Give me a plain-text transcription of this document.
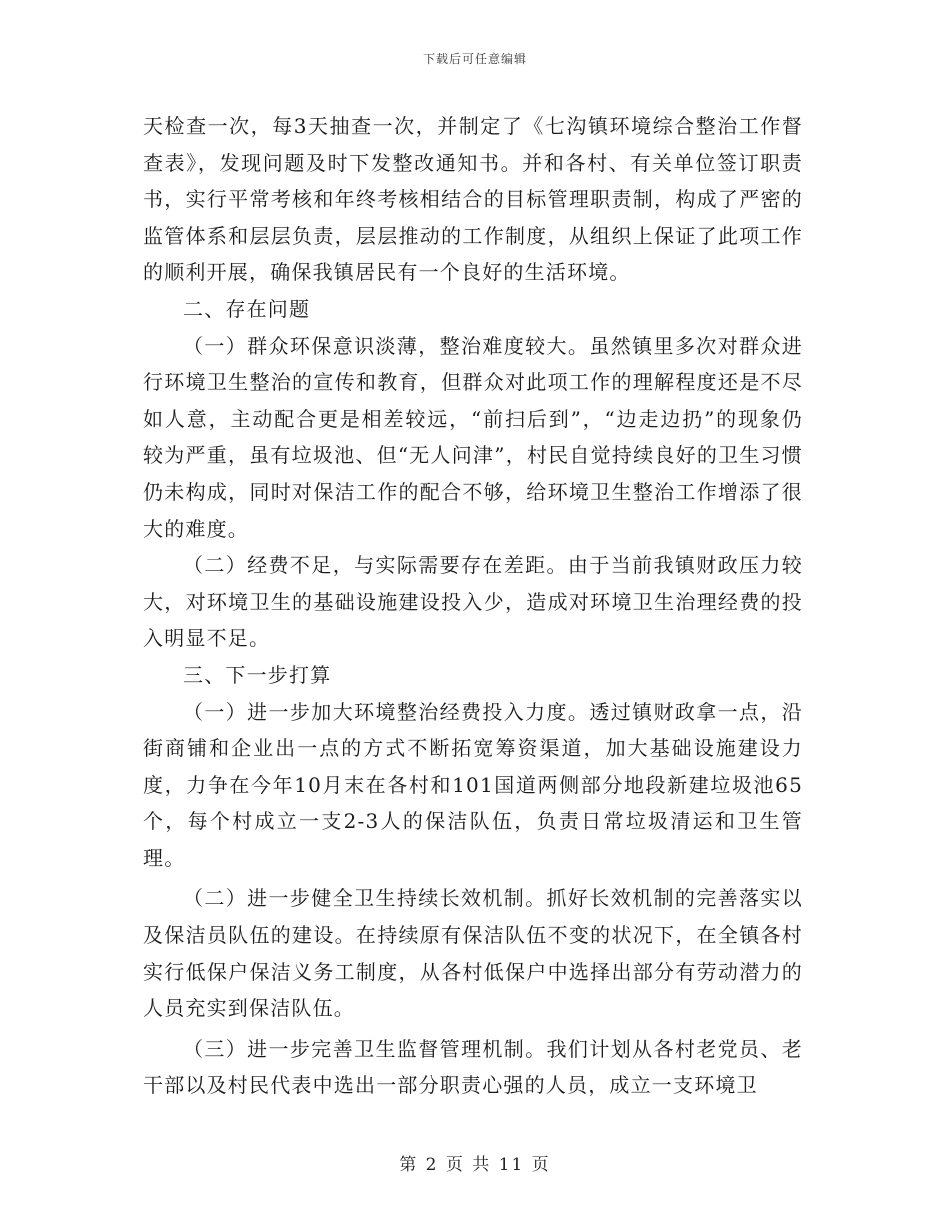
下载后可任意编辑

天检查一次，每3天抽查一次，并制定了《七沟镇环境综合整治工作督查表》，发现问题及时下发整改通知书。并和各村、有关单位签订职责书，实行平常考核和年终考核相结合的目标管理职责制，构成了严密的监管体系和层层负责，层层推动的工作制度，从组织上保证了此项工作的顺利开展，确保我镇居民有一个良好的生活环境。

二、存在问题

（一）群众环保意识淡薄，整治难度较大。虽然镇里多次对群众进行环境卫生整治的宣传和教育，但群众对此项工作的理解程度还是不尽如人意，主动配合更是相差较远，“前扫后到”，“边走边扔”的现象仍较为严重，虽有垃圾池、但“无人问津”，村民自觉持续良好的卫生习惯仍未构成，同时对保洁工作的配合不够，给环境卫生整治工作增添了很大的难度。

（二）经费不足，与实际需要存在差距。由于当前我镇财政压力较大，对环境卫生的基础设施建设投入少，造成对环境卫生治理经费的投入明显不足。

三、下一步打算

（一）进一步加大环境整治经费投入力度。透过镇财政拿一点，沿街商铺和企业出一点的方式不断拓宽筹资渠道，加大基础设施建设力度，力争在今年10月末在各村和101国道两侧部分地段新建垃圾池65个，每个村成立一支2-3人的保洁队伍，负责日常垃圾清运和卫生管理。

（二）进一步健全卫生持续长效机制。抓好长效机制的完善落实以及保洁员队伍的建设。在持续原有保洁队伍不变的状况下，在全镇各村实行低保户保洁义务工制度，从各村低保户中选择出部分有劳动潜力的人员充实到保洁队伍。

（三）进一步完善卫生监督管理机制。我们计划从各村老党员、老干部以及村民代表中选出一部分职责心强的人员，成立一支环境卫

第 2 页 共 11 页
